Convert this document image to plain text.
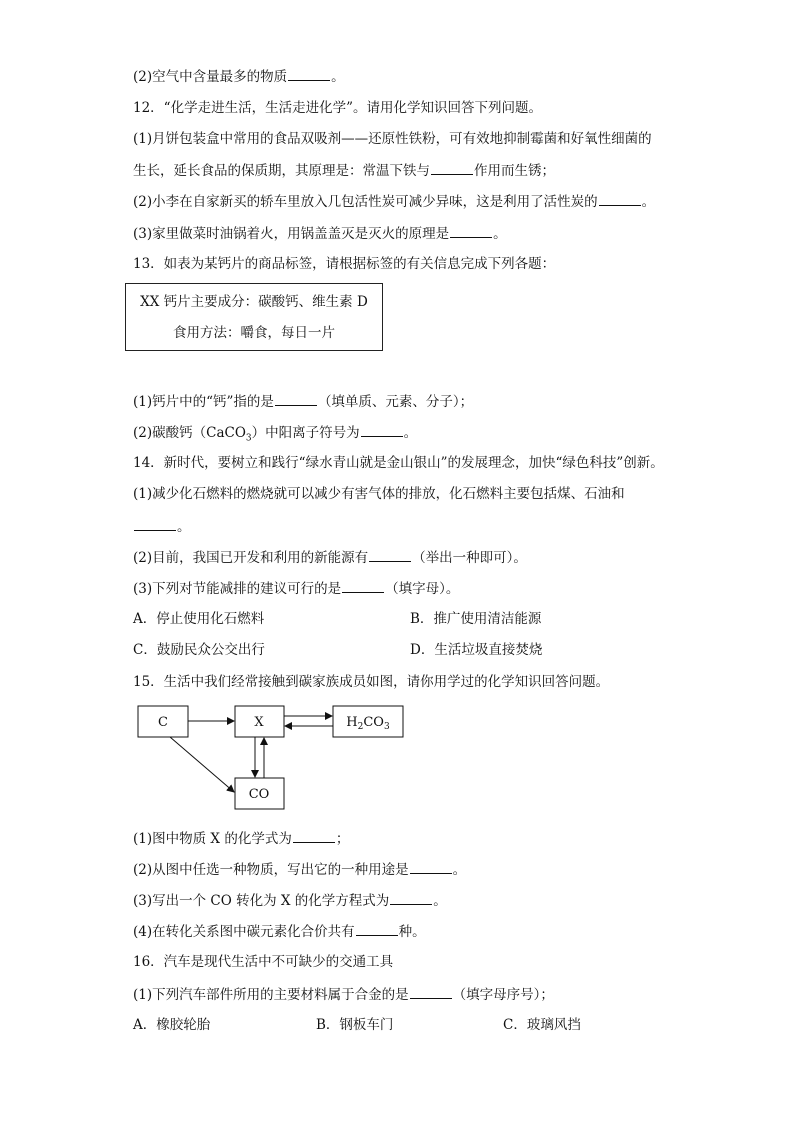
(2)空气中含量最多的物质	。
12．“化学走进生活，生活走进化学”。请用化学知识回答下列问题。
(1)月饼包装盒中常用的食品双吸剂——还原性铁粉，可有效地抑制霉菌和好氧性细菌的
生长，延长食品的保质期，其原理是：常温下铁与	作用而生锈；
(2)小李在自家新买的轿车里放入几包活性炭可减少异味，这是利用了活性炭的	。
(3)家里做菜时油锅着火，用锅盖盖灭是灭火的原理是	。
13．如表为某钙片的商品标签，请根据标签的有关信息完成下列各题：
XX 钙片主要成分：碳酸钙、维生素 D
食用方法：嚼食，每日一片
(1)钙片中的“钙”指的是	（填单质、元素、分子）；
(2)碳酸钙（CaCO$_3$）中阳离子符号为	。
14．新时代，要树立和践行“绿水青山就是金山银山”的发展理念，加快“绿色科技”创新。
(1)减少化石燃料的燃烧就可以减少有害气体的排放，化石燃料主要包括煤、石油和
。
(2)目前，我国已开发和利用的新能源有	（举出一种即可）。
(3)下列对节能减排的建议可行的是	（填字母）。
A．停止使用化石燃料	B．推广使用清洁能源
C．鼓励民众公交出行	D．生活垃圾直接焚烧
15．生活中我们经常接触到碳家族成员如图，请你用学过的化学知识回答问题。
C	X	$H_2CO_3$
CO
(1)图中物质 X 的化学式为	；
(2)从图中任选一种物质，写出它的一种用途是	。
(3)写出一个 CO 转化为 X 的化学方程式为	。
(4)在转化关系图中碳元素化合价共有	种。
16．汽车是现代生活中不可缺少的交通工具
(1)下列汽车部件所用的主要材料属于合金的是	（填字母序号）；
A．橡胶轮胎	B．钢板车门	C．玻璃风挡
